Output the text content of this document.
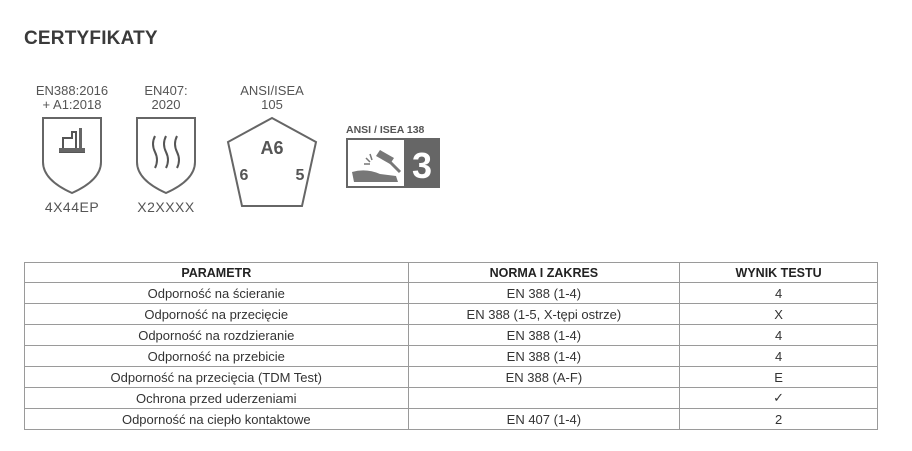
CERTYFIKATY
EN388:2016
+ A1:2018
4X44EP
EN407:
2020
X2XXXX
ANSI/ISEA
105
A6
6	5
ANSI / ISEA 138
3
PARAMETR	NORMA I ZAKRES	WYNIK TESTU
Odporność na ścieranie	EN 388 (1-4)	4
Odporność na przecięcie	EN 388 (1-5, X-tępi ostrze)	X
Odporność na rozdzieranie	EN 388 (1-4)	4
Odporność na przebicie	EN 388 (1-4)	4
Odporność na przecięcia (TDM Test)	EN 388 (A-F)	E
Ochrona przed uderzeniami		✓
Odporność na ciepło kontaktowe	EN 407 (1-4)	2
